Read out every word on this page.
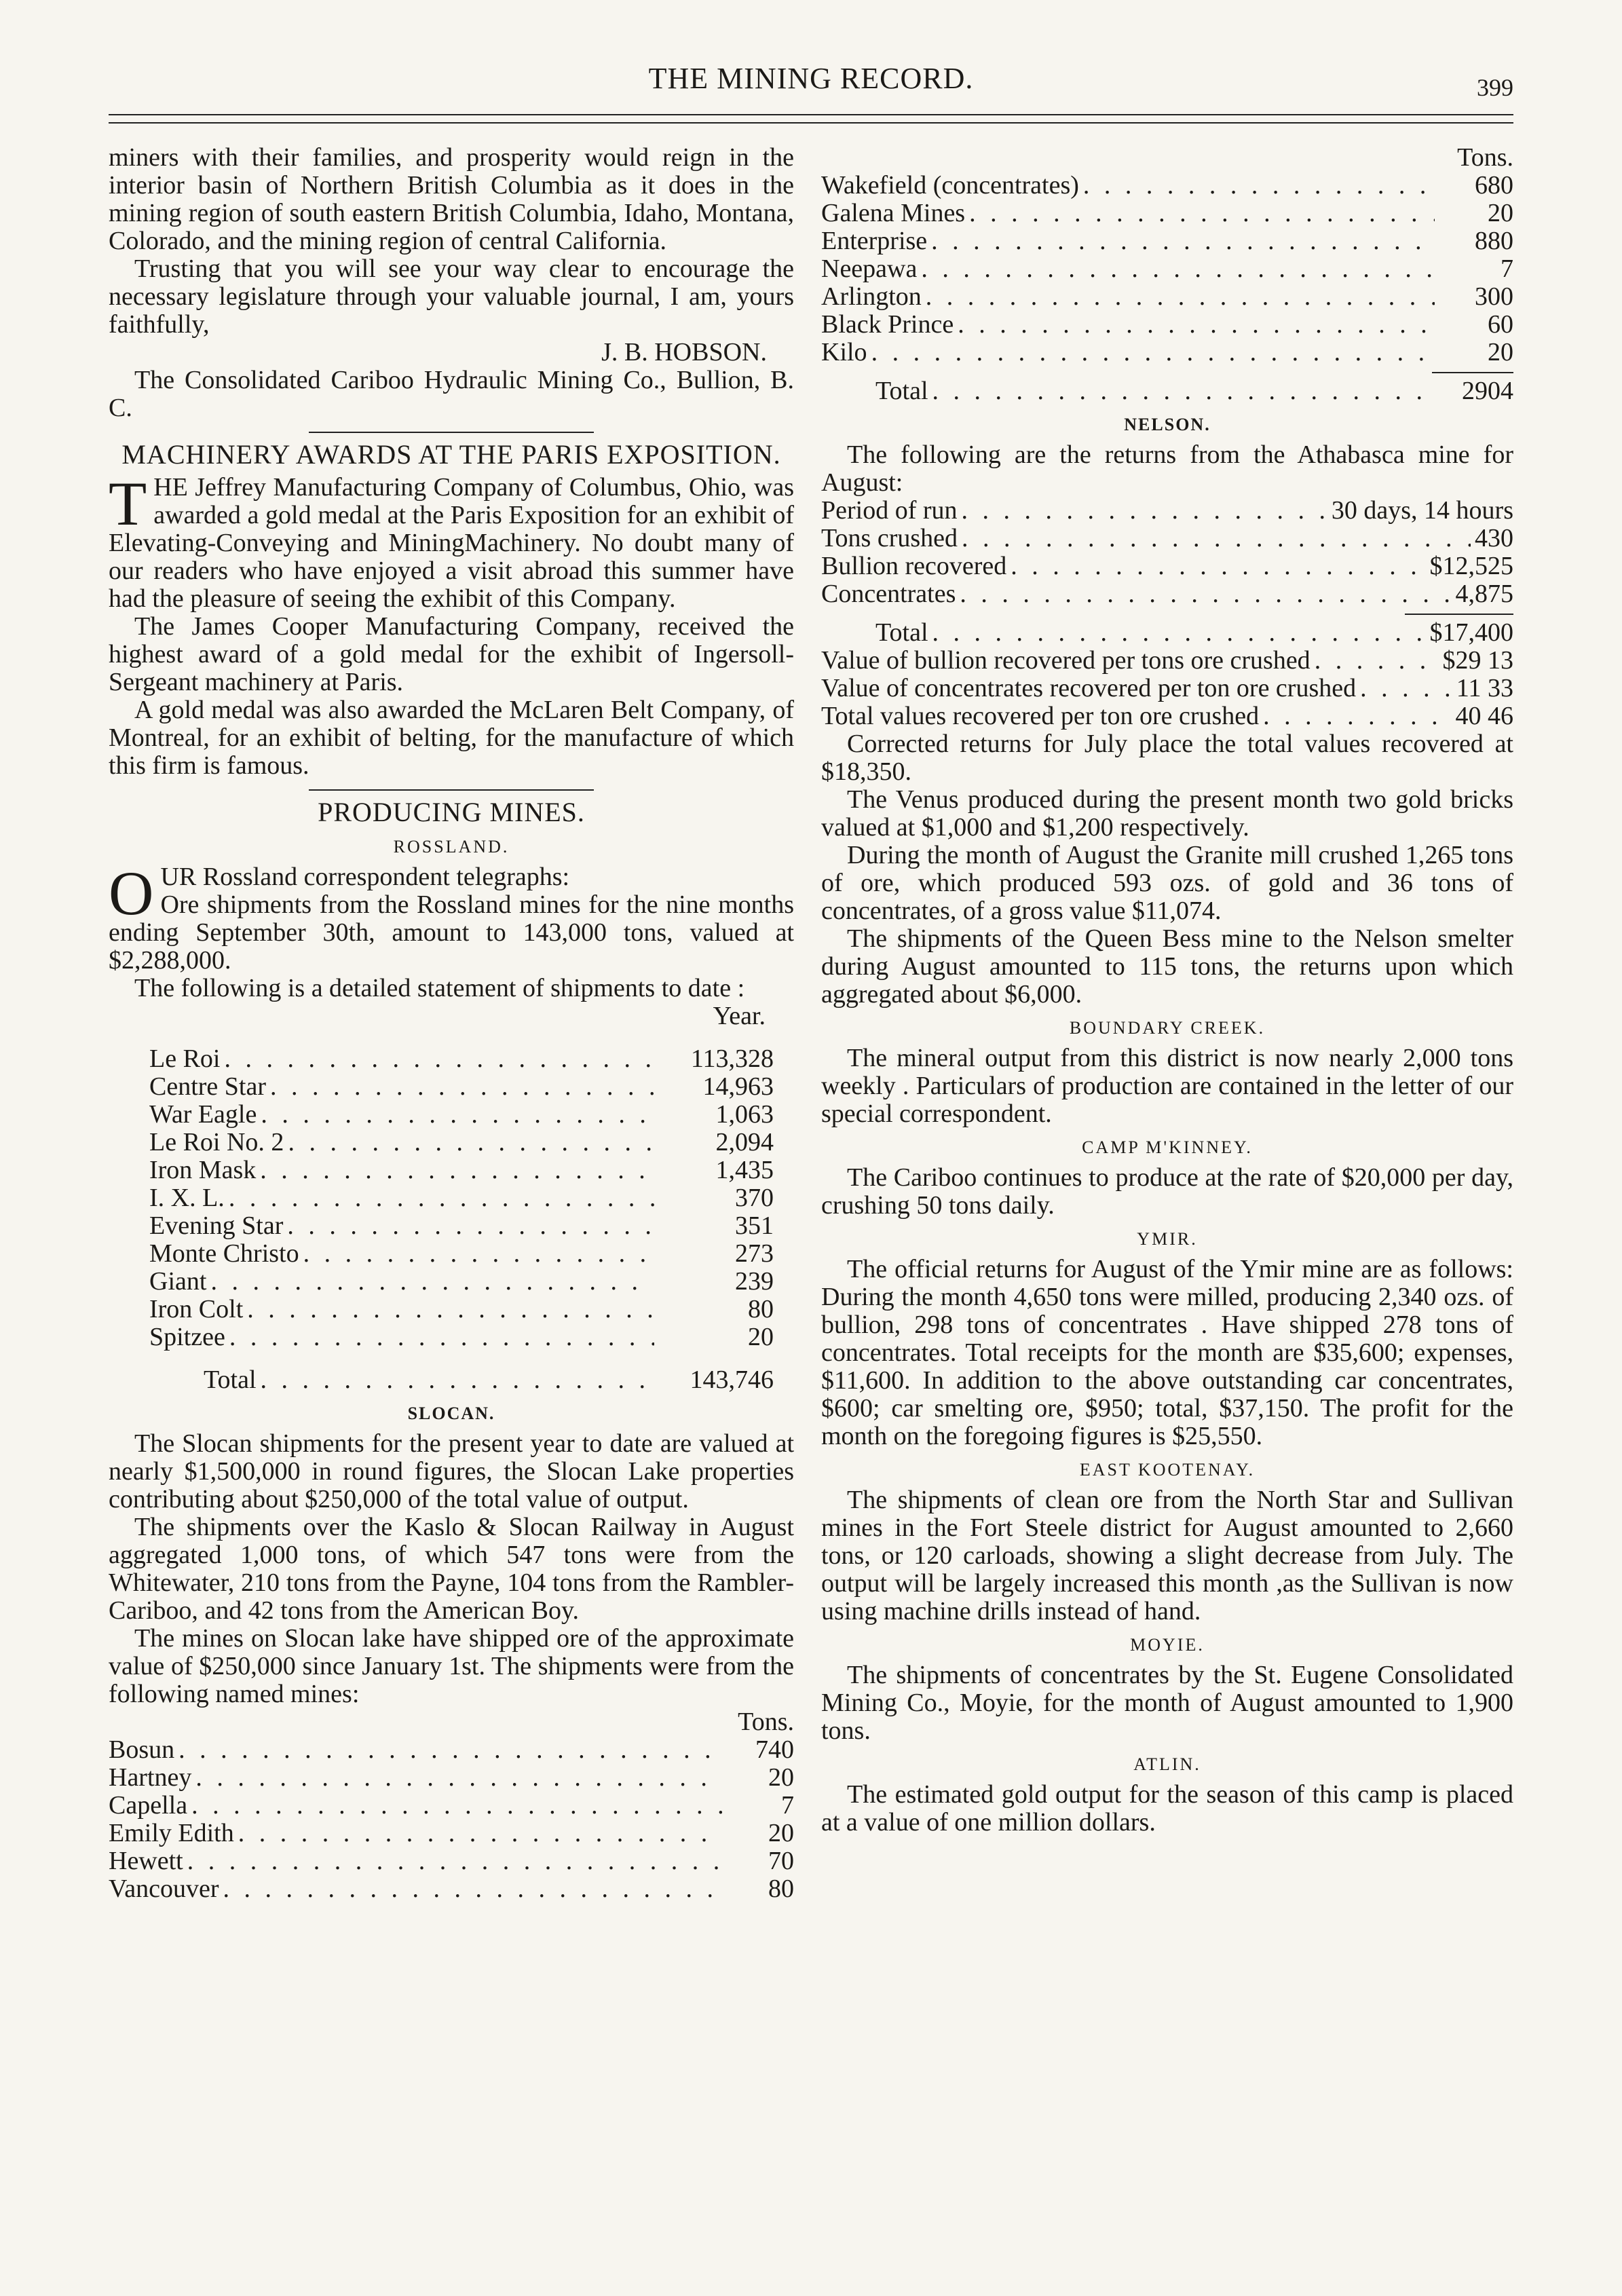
THE MINING RECORD.	399

miners with their families, and prosperity would reign in the interior basin of Northern British Columbia as it does in the mining region of south eastern British Columbia, Idaho, Montana, Colorado, and the mining region of central California.

Trusting that you will see your way clear to encourage the necessary legislature through your valuable journal, I am, yours faithfully,

J. B. HOBSON.

The Consolidated Cariboo Hydraulic Mining Co., Bullion, B. C.

MACHINERY AWARDS AT THE PARIS EXPOSITION.

THE Jeffrey Manufacturing Company of Columbus, Ohio, was awarded a gold medal at the Paris Exposition for an exhibit of Elevating-Conveying and MiningMachinery. No doubt many of our readers who have enjoyed a visit abroad this summer have had the pleasure of seeing the exhibit of this Company.

The James Cooper Manufacturing Company, received the highest award of a gold medal for the exhibit of Ingersoll-Sergeant machinery at Paris.

A gold medal was also awarded the McLaren Belt Company, of Montreal, for an exhibit of belting, for the manufacture of which this firm is famous.

PRODUCING MINES.
ROSSLAND.

OUR Rossland correspondent telegraphs:
Ore shipments from the Rossland mines for the nine months ending September 30th, amount to 143,000 tons, valued at $2,288,000.

The following is a detailed statement of shipments to date :

Year.
Le Roi . . .	113,328
Centre Star . . .	14,963
War Eagle . . .	1,063
Le Roi No. 2 . . .	2,094
Iron Mask . . .	1,435
I. X. L. . . .	370
Evening Star . . .	351
Monte Christo . . .	273
Giant . . .	239
Iron Colt . . .	80
Spitzee . . .	20
Total . . .	143,746
SLOCAN.

The Slocan shipments for the present year to date are valued at nearly $1,500,000 in round figures, the Slocan Lake properties contributing about $250,000 of the total value of output.

The shipments over the Kaslo & Slocan Railway in August aggregated 1,000 tons, of which 547 tons were from the Whitewater, 210 tons from the Payne, 104 tons from the Rambler-Cariboo, and 42 tons from the American Boy.

The mines on Slocan lake have shipped ore of the approximate value of $250,000 since January 1st. The shipments were from the following named mines:

Tons.
Bosun . . .	740
Hartney . . .	20
Capella . . .	7
Emily Edith . . .	20
Hewett . . .	70
Vancouver . . .	80
Tons.
Wakefield (concentrates) . . .	680
Galena Mines . . .	20
Enterprise . . .	880
Neepawa . . .	7
Arlington . . .	300
Black Prince . . .	60
Kilo . . .	20
Total . . .	2904
NELSON.

The following are the returns from the Athabasca mine for August:

Period of run . . .	30 days, 14 hours
Tons crushed . . .	430
Bullion recovered . . .	$12,525
Concentrates . . .	4,875
Total . . .	$17,400
Value of bullion recovered per tons ore crushed . . .	$29 13
Value of concentrates recovered per ton ore crushed . . .	11 33
Total values recovered per ton ore crushed . . .	40 46

Corrected returns for July place the total values recovered at $18,350.

The Venus produced during the present month two gold bricks valued at $1,000 and $1,200 respectively.

During the month of August the Granite mill crushed 1,265 tons of ore, which produced 593 ozs. of gold and 36 tons of concentrates, of a gross value $11,074.

The shipments of the Queen Bess mine to the Nelson smelter during August amounted to 115 tons, the returns upon which aggregated about $6,000.

BOUNDARY CREEK.

The mineral output from this district is now nearly 2,000 tons weekly . Particulars of production are contained in the letter of our special correspondent.

CAMP M'KINNEY.

The Cariboo continues to produce at the rate of $20,000 per day, crushing 50 tons daily.

YMIR.

The official returns for August of the Ymir mine are as follows: During the month 4,650 tons were milled, producing 2,340 ozs. of bullion, 298 tons of concentrates . Have shipped 278 tons of concentrates. Total receipts for the month are $35,600; expenses, $11,600. In addition to the above outstanding car concentrates, $600; car smelting ore, $950; total, $37,150. The profit for the month on the foregoing figures is $25,550.

EAST KOOTENAY.

The shipments of clean ore from the North Star and Sullivan mines in the Fort Steele district for August amounted to 2,660 tons, or 120 carloads, showing a slight decrease from July. The output will be largely increased this month ,as the Sullivan is now using machine drills instead of hand.

MOYIE.

The shipments of concentrates by the St. Eugene Consolidated Mining Co., Moyie, for the month of August amounted to 1,900 tons.

ATLIN.

The estimated gold output for the season of this camp is placed at a value of one million dollars.
